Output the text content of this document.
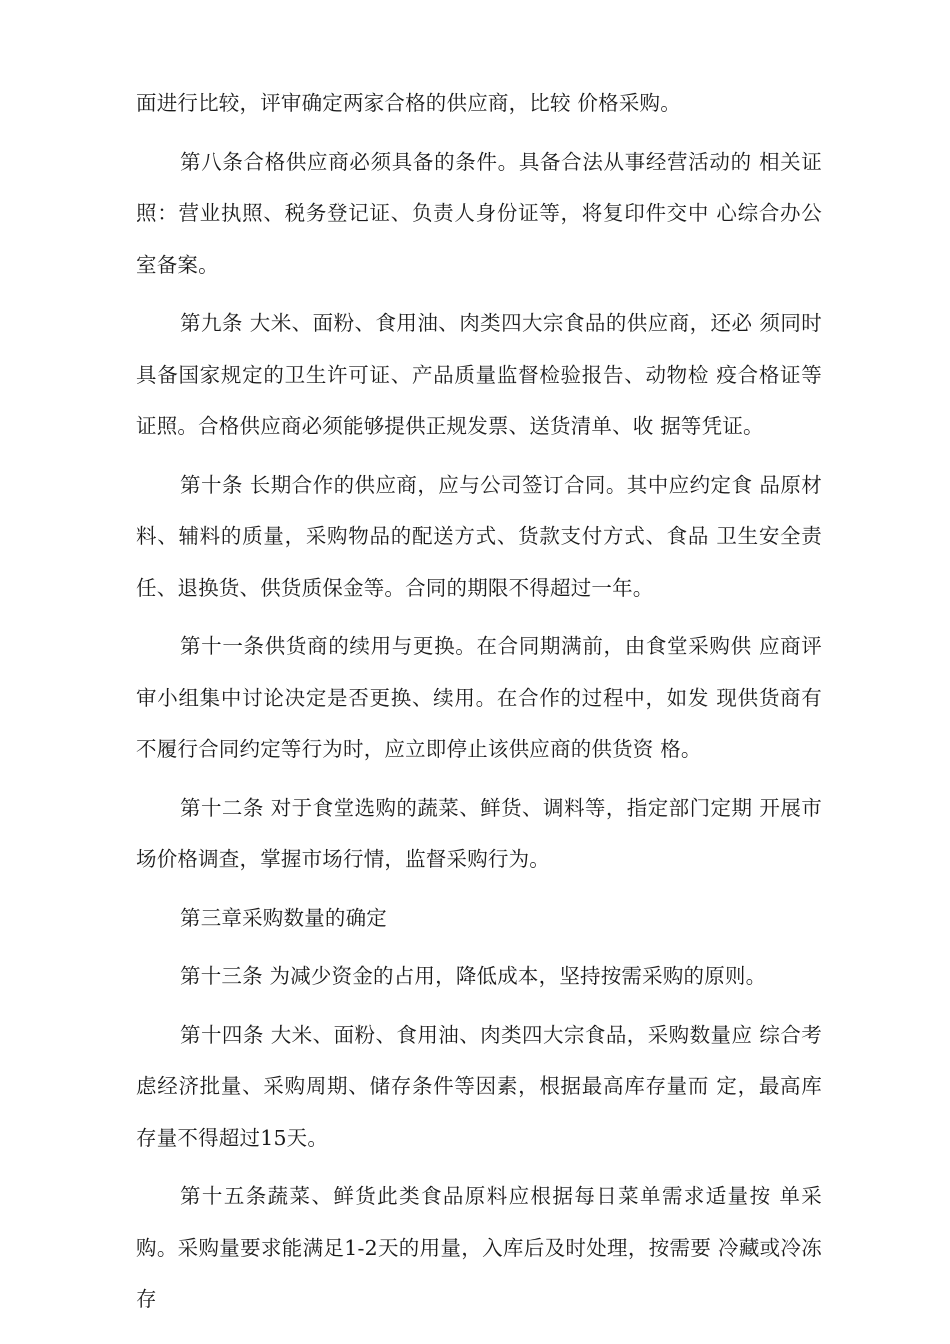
面进行比较，评审确定两家合格的供应商，比较 价格采购。

第八条合格供应商必须具备的条件。具备合法从事经营活动的 相关证照：营业执照、税务登记证、负责人身份证等，将复印件交中 心综合办公室备案。

第九条 大米、面粉、食用油、肉类四大宗食品的供应商，还必 须同时具备国家规定的卫生许可证、产品质量监督检验报告、动物检 疫合格证等证照。合格供应商必须能够提供正规发票、送货清单、收 据等凭证。

第十条 长期合作的供应商，应与公司签订合同。其中应约定食 品原材料、辅料的质量，采购物品的配送方式、货款支付方式、食品 卫生安全责任、退换货、供货质保金等。合同的期限不得超过一年。

第十一条供货商的续用与更换。在合同期满前，由食堂采购供 应商评审小组集中讨论决定是否更换、续用。在合作的过程中，如发 现供货商有不履行合同约定等行为时，应立即停止该供应商的供货资 格。

第十二条 对于食堂选购的蔬菜、鲜货、调料等，指定部门定期 开展市场价格调查，掌握市场行情，监督采购行为。

第三章采购数量的确定

第十三条 为减少资金的占用，降低成本，坚持按需采购的原则。

第十四条 大米、面粉、食用油、肉类四大宗食品，采购数量应 综合考虑经济批量、采购周期、储存条件等因素，根据最高库存量而 定，最高库存量不得超过15天。

第十五条蔬菜、鲜货此类食品原料应根据每日菜单需求适量按 单采购。采购量要求能满足1-2天的用量，入库后及时处理，按需要 冷藏或冷冻存
